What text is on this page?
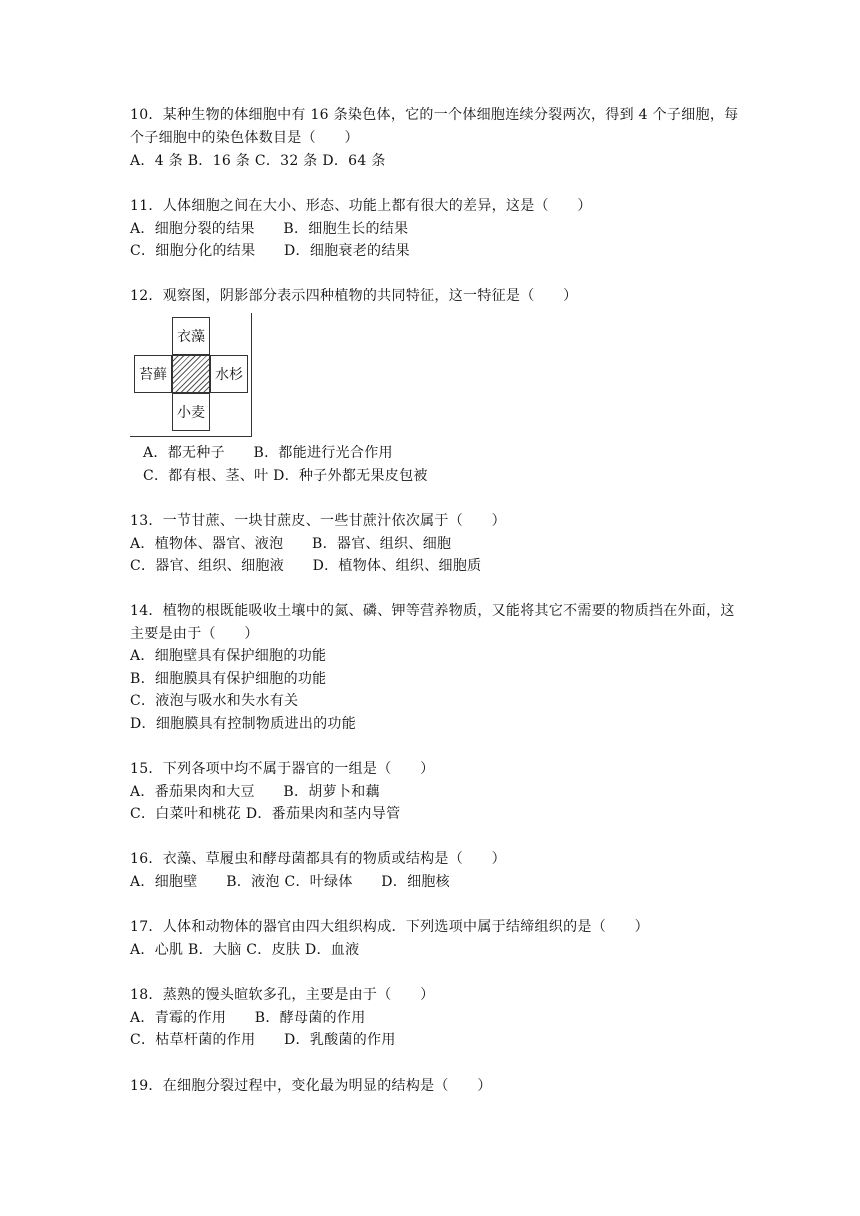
10．某种生物的体细胞中有 16 条染色体，它的一个体细胞连续分裂两次，得到 4 个子细胞，每
个子细胞中的染色体数目是（　　）
A．4 条 B．16 条 C．32 条 D．64 条
11．人体细胞之间在大小、形态、功能上都有很大的差异，这是（　　）
A．细胞分裂的结果　　B．细胞生长的结果
C．细胞分化的结果　　D．细胞衰老的结果
12．观察图，阴影部分表示四种植物的共同特征，这一特征是（　　）
衣藻
苔藓	水杉
小麦
A．都无种子　　B．都能进行光合作用
C．都有根、茎、叶 D．种子外都无果皮包被
13．一节甘蔗、一块甘蔗皮、一些甘蔗汁依次属于（　　）
A．植物体、器官、液泡　　B．器官、组织、细胞
C．器官、组织、细胞液　　D．植物体、组织、细胞质
14．植物的根既能吸收土壤中的氮、磷、钾等营养物质，又能将其它不需要的物质挡在外面，这
主要是由于（　　）
A．细胞壁具有保护细胞的功能
B．细胞膜具有保护细胞的功能
C．液泡与吸水和失水有关
D．细胞膜具有控制物质进出的功能
15．下列各项中均不属于器官的一组是（　　）
A．番茄果肉和大豆　　B．胡萝卜和藕
C．白菜叶和桃花 D．番茄果肉和茎内导管
16．衣藻、草履虫和酵母菌都具有的物质或结构是（　　）
A．细胞壁　　B．液泡 C．叶绿体　　D．细胞核
17．人体和动物体的器官由四大组织构成．下列选项中属于结缔组织的是（　　）
A．心肌 B．大脑 C．皮肤 D．血液
18．蒸熟的馒头暄软多孔，主要是由于（　　）
A．青霉的作用　　B．酵母菌的作用
C．枯草杆菌的作用　　D．乳酸菌的作用
19．在细胞分裂过程中，变化最为明显的结构是（　　）
